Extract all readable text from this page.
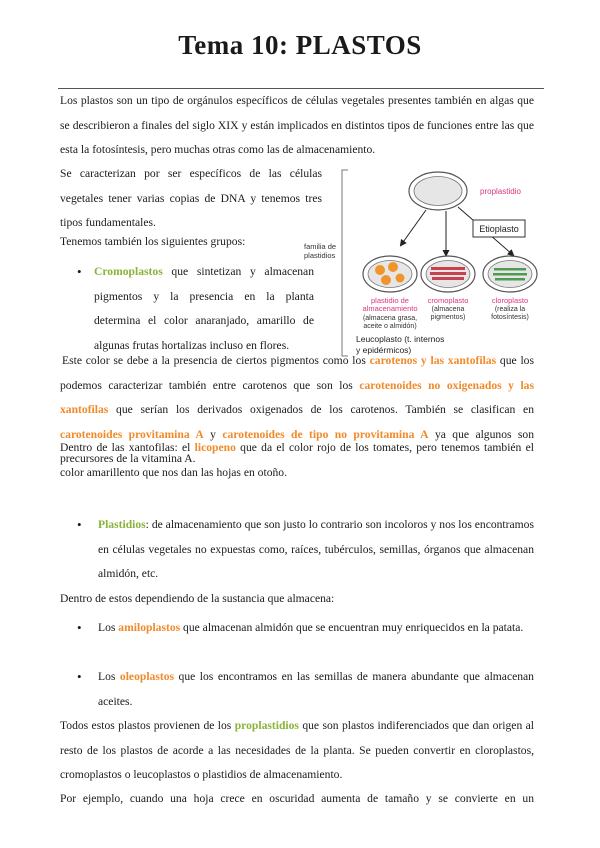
Tema 10: PLASTOS

Los plastos son un tipo de orgánulos específicos de células vegetales presentes también en algas que se describieron a finales del siglo XIX y están implicados en distintos tipos de funciones entre las que esta la fotosíntesis, pero muchas otras como las de almacenamiento.

Se caracterizan por ser específicos de las células vegetales tener varias copias de DNA y tenemos tres tipos fundamentales.

Tenemos también los siguientes grupos:

• Cromoplastos que sintetizan y almacenan pigmentos y la presencia en la planta determina el color anaranjado, amarillo de algunas frutas hortalizas incluso en flores.

Este color se debe a la presencia de ciertos pigmentos como los carotenos y las xantofilas que los podemos caracterizar también entre carotenos que son los carotenoides no oxigenados y las xantofilas que serían los derivados oxigenados de los carotenos. También se clasifican en carotenoides provitamina A y carotenoides de tipo no provitamina A ya que algunos son precursores de la vitamina A.

Dentro de las xantofilas: el licopeno que da el color rojo de los tomates, pero tenemos también el color amarillento que nos dan las hojas en otoño.

• Plastidios: de almacenamiento que son justo lo contrario son incoloros y nos los encontramos en células vegetales no expuestas como, raíces, tubérculos, semillas, órganos que almacenan almidón, etc.

Dentro de estos dependiendo de la sustancia que almacena:

• Los amiloplastos que almacenan almidón que se encuentran muy enriquecidos en la patata.

• Los oleoplastos que los encontramos en las semillas de manera abundante que almacenan aceites.

Todos estos plastos provienen de los proplastidios que son plastos indiferenciados que dan origen al resto de los plastos de acorde a las necesidades de la planta. Se pueden convertir en cloroplastos, cromoplastos o leucoplastos o plastidios de almacenamiento.

Por ejemplo, cuando una hoja crece en oscuridad aumenta de tamaño y se convierte en un

familia de
plastidios
proplastidio
Etioplasto
plastidio de
almacenamiento
(almacena grasa,
aceite o almidón)
cromoplasto
(almacena
pigmentos)
cloroplasto
(realiza la
fotosíntesis)
Leucoplasto (t. internos
y epidérmicos)
